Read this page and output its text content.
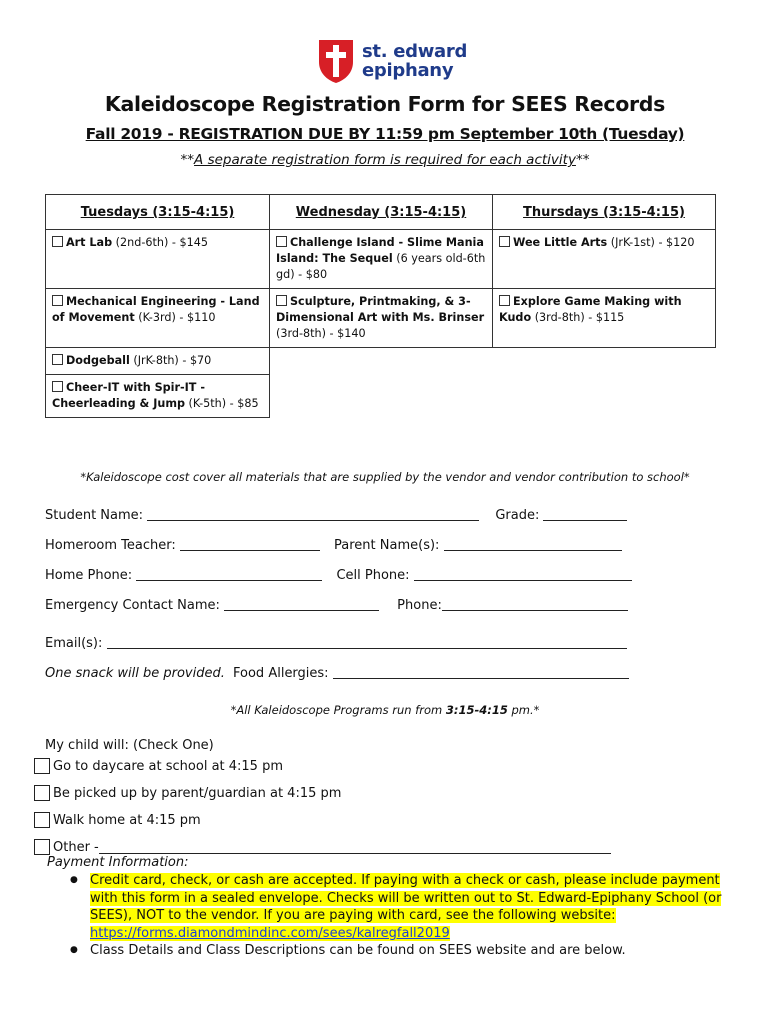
st. edward
epiphany
Kaleidoscope Registration Form for SEES Records
Fall 2019 - REGISTRATION DUE BY 11:59 pm September 10th (Tuesday)
**A separate registration form is required for each activity**
Tuesdays (3:15-4:15)	Wednesday (3:15-4:15)	Thursdays (3:15-4:15)
Art Lab (2nd-6th) - $145	Challenge Island - Slime Mania Island: The Sequel (6 years old-6th gd) - $80	Wee Little Arts (JrK-1st) - $120
Mechanical Engineering - Land of Movement (K-3rd) - $110	Sculpture, Printmaking, & 3-Dimensional Art with Ms. Brinser (3rd-8th) - $140	Explore Game Making with Kudo (3rd-8th) - $115
Dodgeball (JrK-8th) - $70		
Cheer-IT with Spir-IT - Cheerleading & Jump (K-5th) - $85		
*Kaleidoscope cost cover all materials that are supplied by the vendor and vendor contribution to school*
Student Name:	Grade:
Homeroom Teacher:	Parent Name(s):
Home Phone:	Cell Phone:
Emergency Contact Name:	Phone:
Email(s):
One snack will be provided. Food Allergies:
*All Kaleidoscope Programs run from 3:15-4:15 pm.*
My child will: (Check One)
Go to daycare at school at 4:15 pm
Be picked up by parent/guardian at 4:15 pm
Walk home at 4:15 pm
Other -
Payment Information:
● Credit card, check, or cash are accepted. If paying with a check or cash, please include payment with this form in a sealed envelope. Checks will be written out to St. Edward-Epiphany School (or SEES), NOT to the vendor. If you are paying with card, see the following website: https://forms.diamondmindinc.com/sees/kalregfall2019
● Class Details and Class Descriptions can be found on SEES website and are below.
